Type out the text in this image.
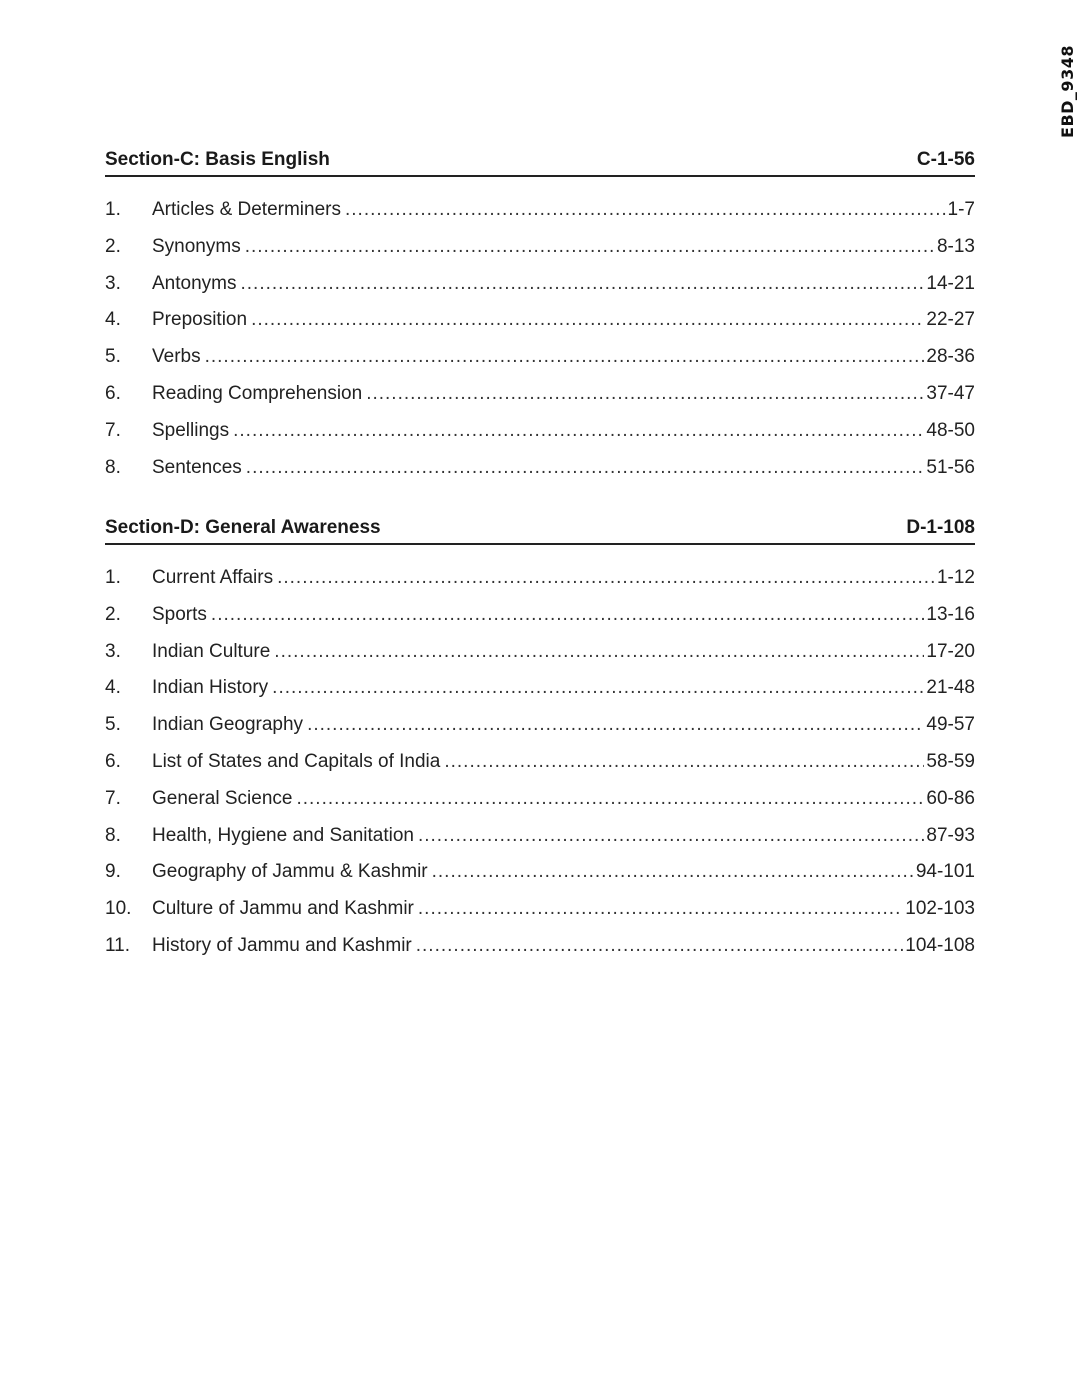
EBD_9348
Section-C: Basis English	C-1-56
1.	Articles & Determiners .....	1-7
2.	Synonyms .....	8-13
3.	Antonyms .....	14-21
4.	Preposition .....	22-27
5.	Verbs .....	28-36
6.	Reading Comprehension .....	37-47
7.	Spellings .....	48-50
8.	Sentences .....	51-56
Section-D: General Awareness	D-1-108
1.	Current Affairs .....	1-12
2.	Sports .....	13-16
3.	Indian Culture .....	17-20
4.	Indian History .....	21-48
5.	Indian Geography .....	49-57
6.	List of States and Capitals of India .....	58-59
7.	General Science .....	60-86
8.	Health, Hygiene and Sanitation .....	87-93
9.	Geography of Jammu & Kashmir .....	94-101
10.	Culture of Jammu and Kashmir .....	102-103
11.	History of Jammu and Kashmir .....	104-108
